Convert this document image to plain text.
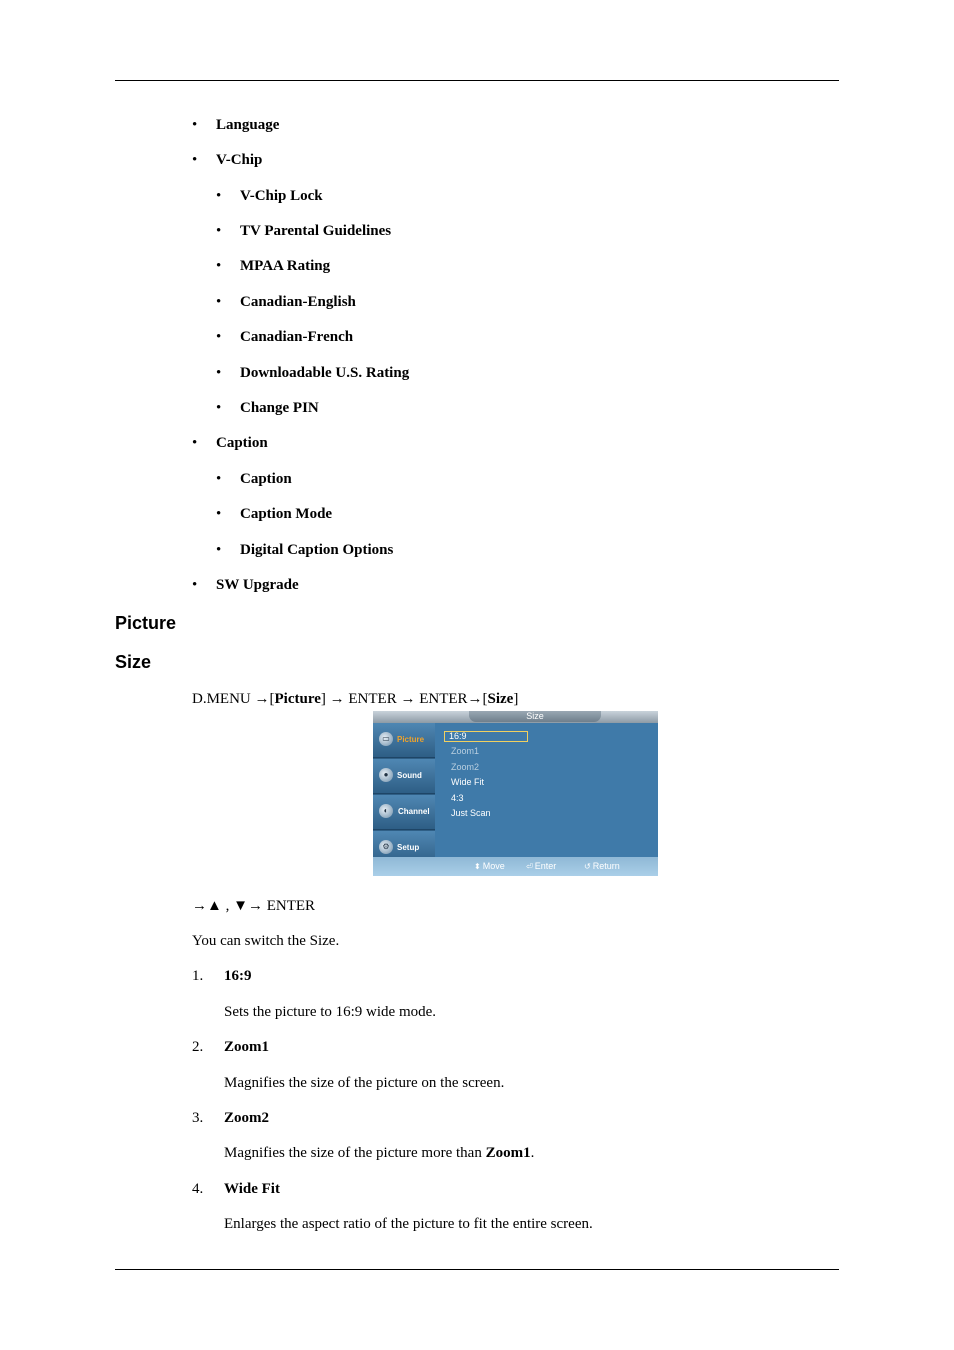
• Language
• V-Chip
• V-Chip Lock
• TV Parental Guidelines
• MPAA Rating
• Canadian-English
• Canadian-French
• Downloadable U.S. Rating
• Change PIN
• Caption
• Caption
• Caption Mode
• Digital Caption Options
• SW Upgrade
Picture
Size
D.MENU →[Picture] → ENTER → ENTER→[Size]
Size
▭ Picture
●	Sound
◐	Channel
⚙ Setup
16:9
Zoom1
Zoom2
Wide Fit
4:3
Just Scan
⬍ Move	⏎ Enter	↺ Return
→▲ , ▼→ ENTER
You can switch the Size.
1. 16:9
Sets the picture to 16:9 wide mode.
2. Zoom1
Magnifies the size of the picture on the screen.
3. Zoom2
Magnifies the size of the picture more than Zoom1.
4. Wide Fit
Enlarges the aspect ratio of the picture to fit the entire screen.
